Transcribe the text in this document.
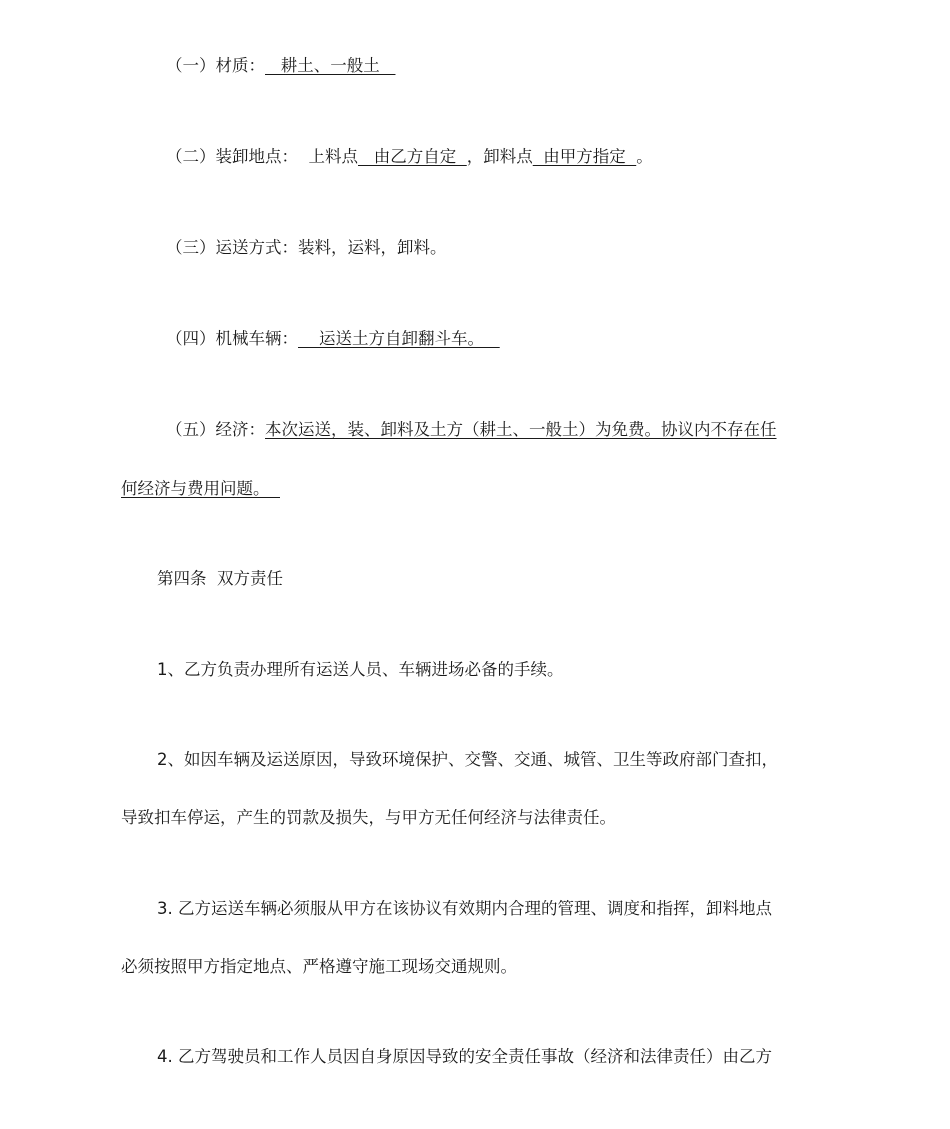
（一）材质：   耕土、一般土
（二）装卸地点：  上料点   由乙方自定  ，卸料点  由甲方指定  。
（三）运送方式：装料，运料，卸料。
（四）机械车辆：    运送土方自卸翻斗车。
（五）经济：本次运送，装、卸料及土方（耕土、一般土）为免费。协议内不存在任
何经济与费用问题。
第四条  双方责任
1、乙方负责办理所有运送人员、车辆进场必备的手续。
2、如因车辆及运送原因，导致环境保护、交警、交通、城管、卫生等政府部门查扣，
导致扣车停运，产生的罚款及损失，与甲方无任何经济与法律责任。
3. 乙方运送车辆必须服从甲方在该协议有效期内合理的管理、调度和指挥，卸料地点
必须按照甲方指定地点、严格遵守施工现场交通规则。
4. 乙方驾驶员和工作人员因自身原因导致的安全责任事故（经济和法律责任）由乙方
